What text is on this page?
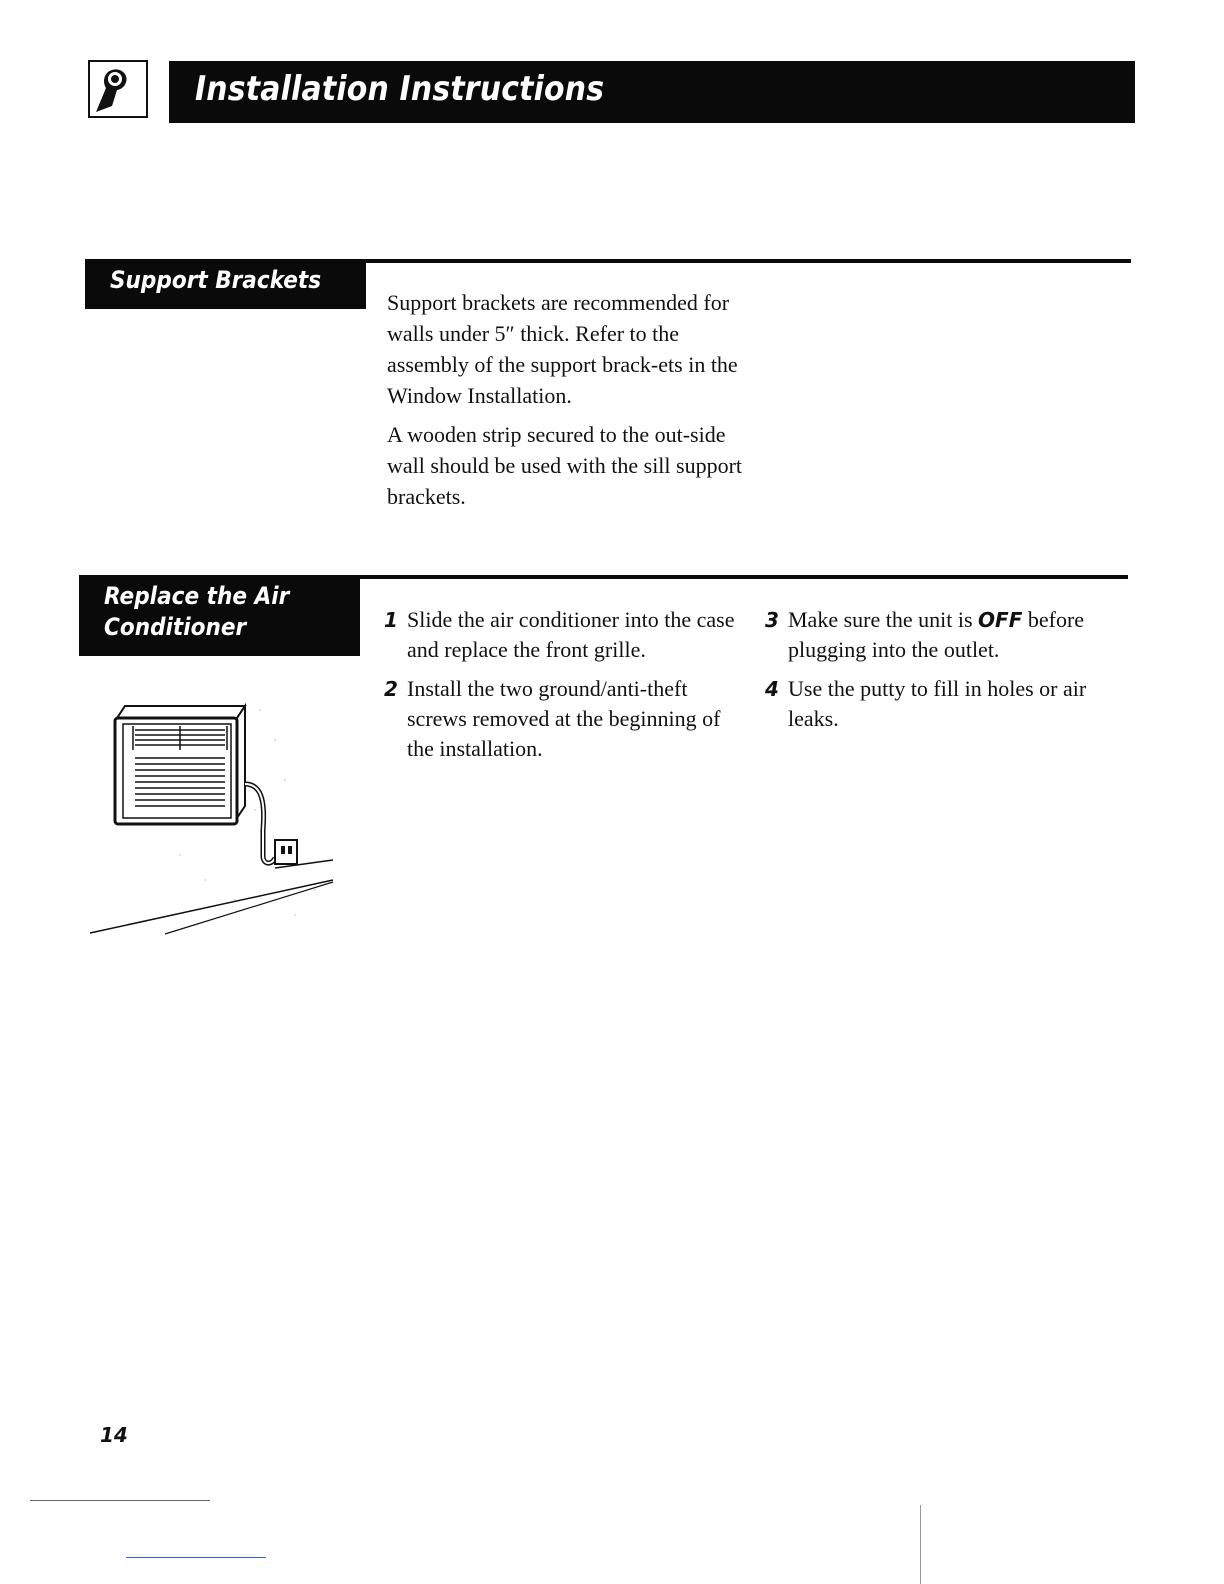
Installation Instructions
Support Brackets

Support brackets are recommended for walls under 5″ thick. Refer to the assembly of the support brack-ets in the Window Installation.

A wooden strip secured to the out-side wall should be used with the sill support brackets.

Replace the Air
Conditioner	1 Slide the air conditioner into the case and replace the front grille.
2 Install the two ground/anti-theft screws removed at the beginning of the installation.
3 Make sure the unit is OFF before plugging into the outlet.
4 Use the putty to fill in holes or air leaks.
14
